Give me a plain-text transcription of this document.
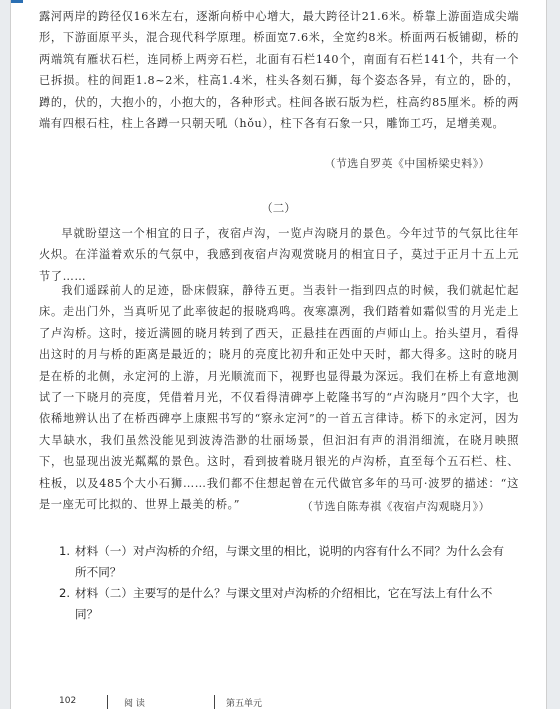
露河两岸的跨径仅16米左右，逐渐向桥中心增大，最大跨径计21.6米。桥靠上游面造成尖端形，下游面原平头，混合现代科学原理。桥面宽7.6米，全宽约8米。桥面两石板铺砌，桥的两端筑有雁状石栏，连同桥上两旁石栏，北面有石栏140个，南面有石栏141个，共有一个已拆损。柱的间距1.8~2米，柱高1.4米，柱头各刻石狮，每个姿态各异，有立的，卧的，蹲的，伏的，大抱小的，小抱大的，各种形式。柱间各嵌石版为栏，柱高约85厘米。桥的两端有四根石柱，柱上各蹲一只朝天吼（hǒu），柱下各有石象一只，雕饰工巧，足增美观。

（节选自罗英《中国桥梁史料》）

（二）

早就盼望这一个相宜的日子，夜宿卢沟，一览卢沟晓月的景色。今年过节的气氛比往年火炽。在洋溢着欢乐的气氛中，我感到夜宿卢沟观赏晓月的相宜日子，莫过于正月十五上元节了……

我们遥踩前人的足迹，卧床假寐，静待五更。当表针一指到四点的时候，我们就起忙起床。走出门外，当真听见了此率彼起的报晓鸡鸣。夜寒凛冽，我们踏着如霜似雪的月光走上了卢沟桥。这时，接近满圆的晓月转到了西天，正悬挂在西面的卢师山上。抬头望月，看得出这时的月与桥的距离是最近的；晓月的亮度比初升和正处中天时，都大得多。这时的晓月是在桥的北侧，永定河的上游，月光顺流而下，视野也显得最为深远。我们在桥上有意地测试了一下晓月的亮度，凭借着月光，不仅看得清碑亭上乾隆书写的“卢沟晓月”四个大字，也依稀地辨认出了在桥西碑亭上康熙书写的“察永定河”的一首五言律诗。桥下的永定河，因为大旱缺水，我们虽然没能见到波涛浩渺的壮丽场景，但汩汩有声的涓涓细流，在晓月映照下，也显现出波光粼粼的景色。这时，看到披着晓月银光的卢沟桥，直至每个五石栏、柱、柱板，以及485个大小石狮……我们都不住想起曾在元代做官多年的马可·波罗的描述：“这是一座无可比拟的、世界上最美的桥。”	（节选自陈寿祺《夜宿卢沟观晓月》）

1. 材料（一）对卢沟桥的介绍，与课文里的相比，说明的内容有什么不同？为什么会有所不同？
2. 材料（二）主要写的是什么？与课文里对卢沟桥的介绍相比，它在写法上有什么不同？
102	阅 读	第五单元
